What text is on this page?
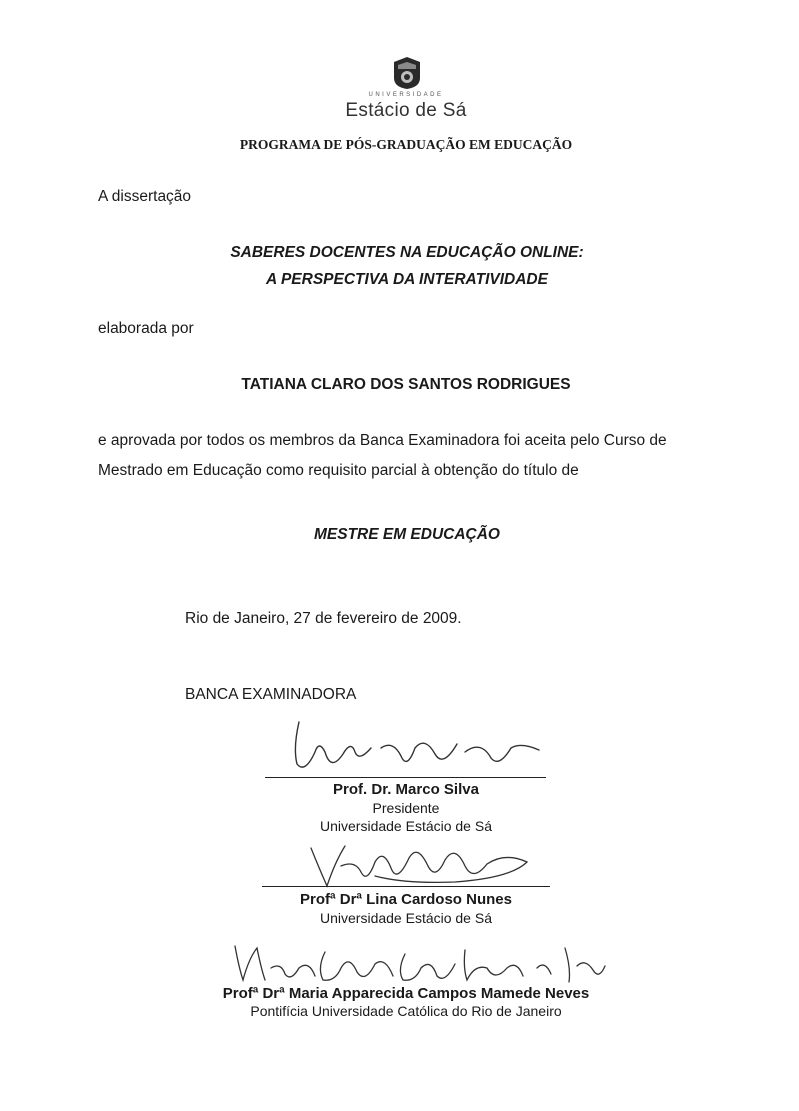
UNIVERSIDADE
Estácio de Sá
PROGRAMA DE PÓS-GRADUAÇÃO EM EDUCAÇÃO
A dissertação
SABERES DOCENTES NA EDUCAÇÃO ONLINE:
A PERSPECTIVA DA INTERATIVIDADE
elaborada por
TATIANA CLARO DOS SANTOS RODRIGUES
e aprovada por todos os membros da Banca Examinadora foi aceita pelo Curso de
Mestrado em Educação como requisito parcial à obtenção do título de
MESTRE EM EDUCAÇÃO
Rio de Janeiro, 27 de fevereiro de 2009.
BANCA EXAMINADORA
Prof. Dr. Marco Silva
Presidente
Universidade Estácio de Sá
Profª Drª Lina Cardoso Nunes
Universidade Estácio de Sá
Profª Drª Maria Apparecida Campos Mamede Neves
Pontifícia Universidade Católica do Rio de Janeiro
